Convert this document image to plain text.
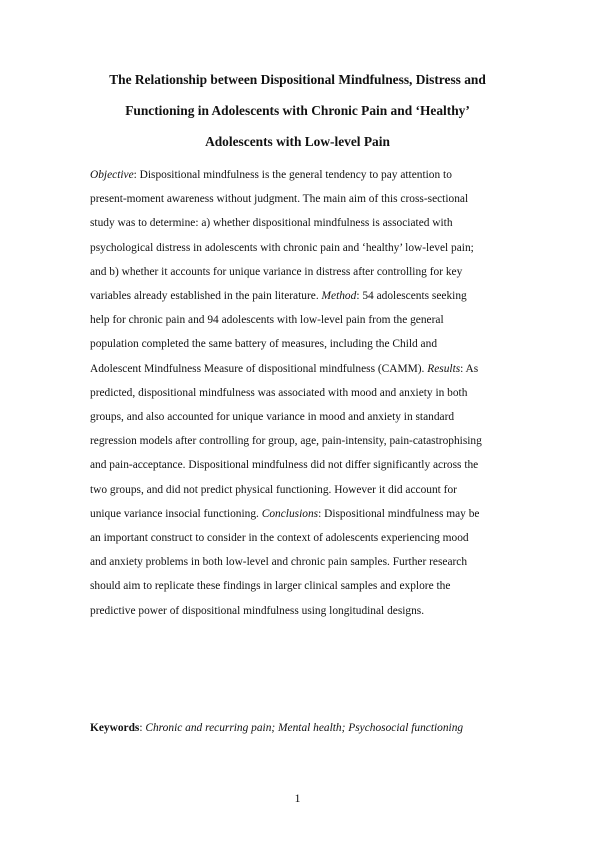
The Relationship between Dispositional Mindfulness, Distress and
Functioning in Adolescents with Chronic Pain and ‘Healthy’
Adolescents with Low-level Pain
Objective: Dispositional mindfulness is the general tendency to pay attention to
present-moment awareness without judgment. The main aim of this cross-sectional
study was to determine: a) whether dispositional mindfulness is associated with
psychological distress in adolescents with chronic pain and ‘healthy’ low-level pain;
and b) whether it accounts for unique variance in distress after controlling for key
variables already established in the pain literature. Method: 54 adolescents seeking
help for chronic pain and 94 adolescents with low-level pain from the general
population completed the same battery of measures, including the Child and
Adolescent Mindfulness Measure of dispositional mindfulness (CAMM). Results: As
predicted, dispositional mindfulness was associated with mood and anxiety in both
groups, and also accounted for unique variance in mood and anxiety in standard
regression models after controlling for group, age, pain-intensity, pain-catastrophising
and pain-acceptance. Dispositional mindfulness did not differ significantly across the
two groups, and did not predict physical functioning. However it did account for
unique variance insocial functioning. Conclusions: Dispositional mindfulness may be
an important construct to consider in the context of adolescents experiencing mood
and anxiety problems in both low-level and chronic pain samples. Further research
should aim to replicate these findings in larger clinical samples and explore the
predictive power of dispositional mindfulness using longitudinal designs.

Keywords: Chronic and recurring pain; Mental health; Psychosocial functioning

1
